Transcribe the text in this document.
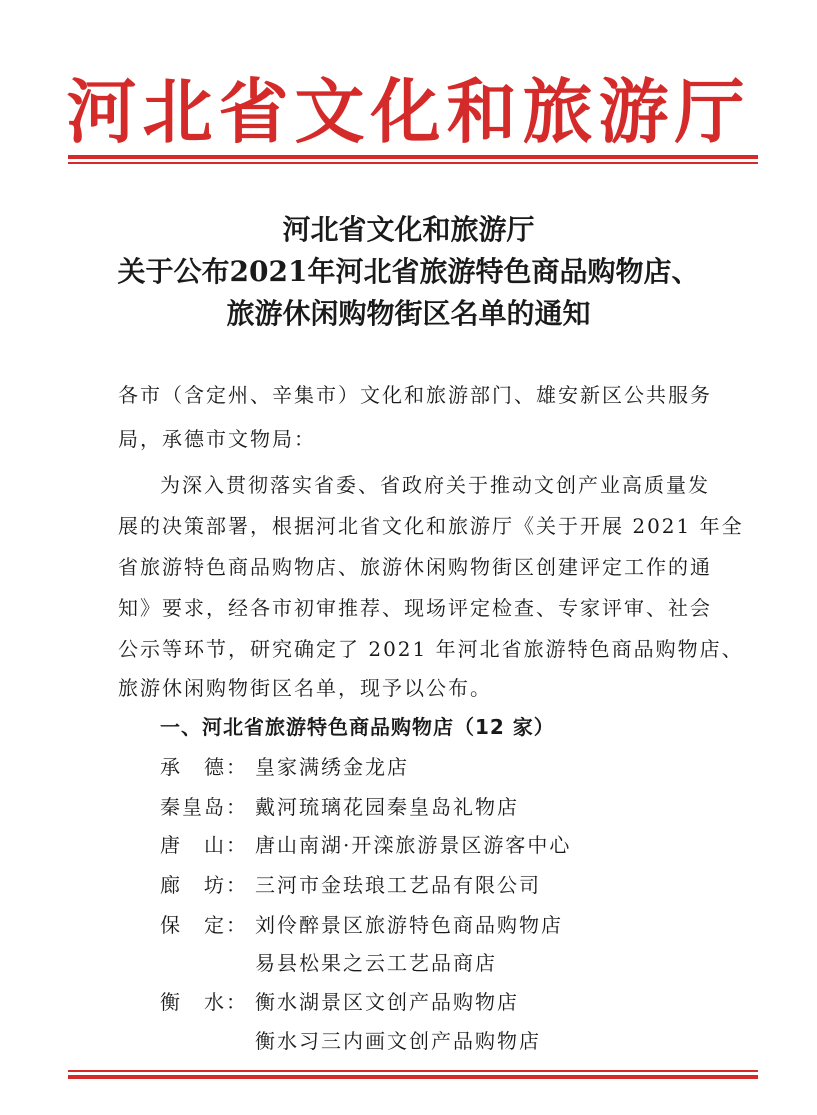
河北省文化和旅游厅
河北省文化和旅游厅
关于公布2021年河北省旅游特色商品购物店、
旅游休闲购物街区名单的通知
各市（含定州、辛集市）文化和旅游部门、雄安新区公共服务
局，承德市文物局：
为深入贯彻落实省委、省政府关于推动文创产业高质量发
展的决策部署，根据河北省文化和旅游厅《关于开展 2021 年全
省旅游特色商品购物店、旅游休闲购物街区创建评定工作的通
知》要求，经各市初审推荐、现场评定检查、专家评审、社会
公示等环节，研究确定了 2021 年河北省旅游特色商品购物店、
旅游休闲购物街区名单，现予以公布。
一、河北省旅游特色商品购物店（12 家）
承　德： 皇家满绣金龙店
秦皇岛： 戴河琉璃花园秦皇岛礼物店
唐　山： 唐山南湖·开滦旅游景区游客中心
廊　坊： 三河市金珐琅工艺品有限公司
保　定： 刘伶醉景区旅游特色商品购物店
易县松果之云工艺品商店
衡　水： 衡水湖景区文创产品购物店
衡水习三内画文创产品购物店
